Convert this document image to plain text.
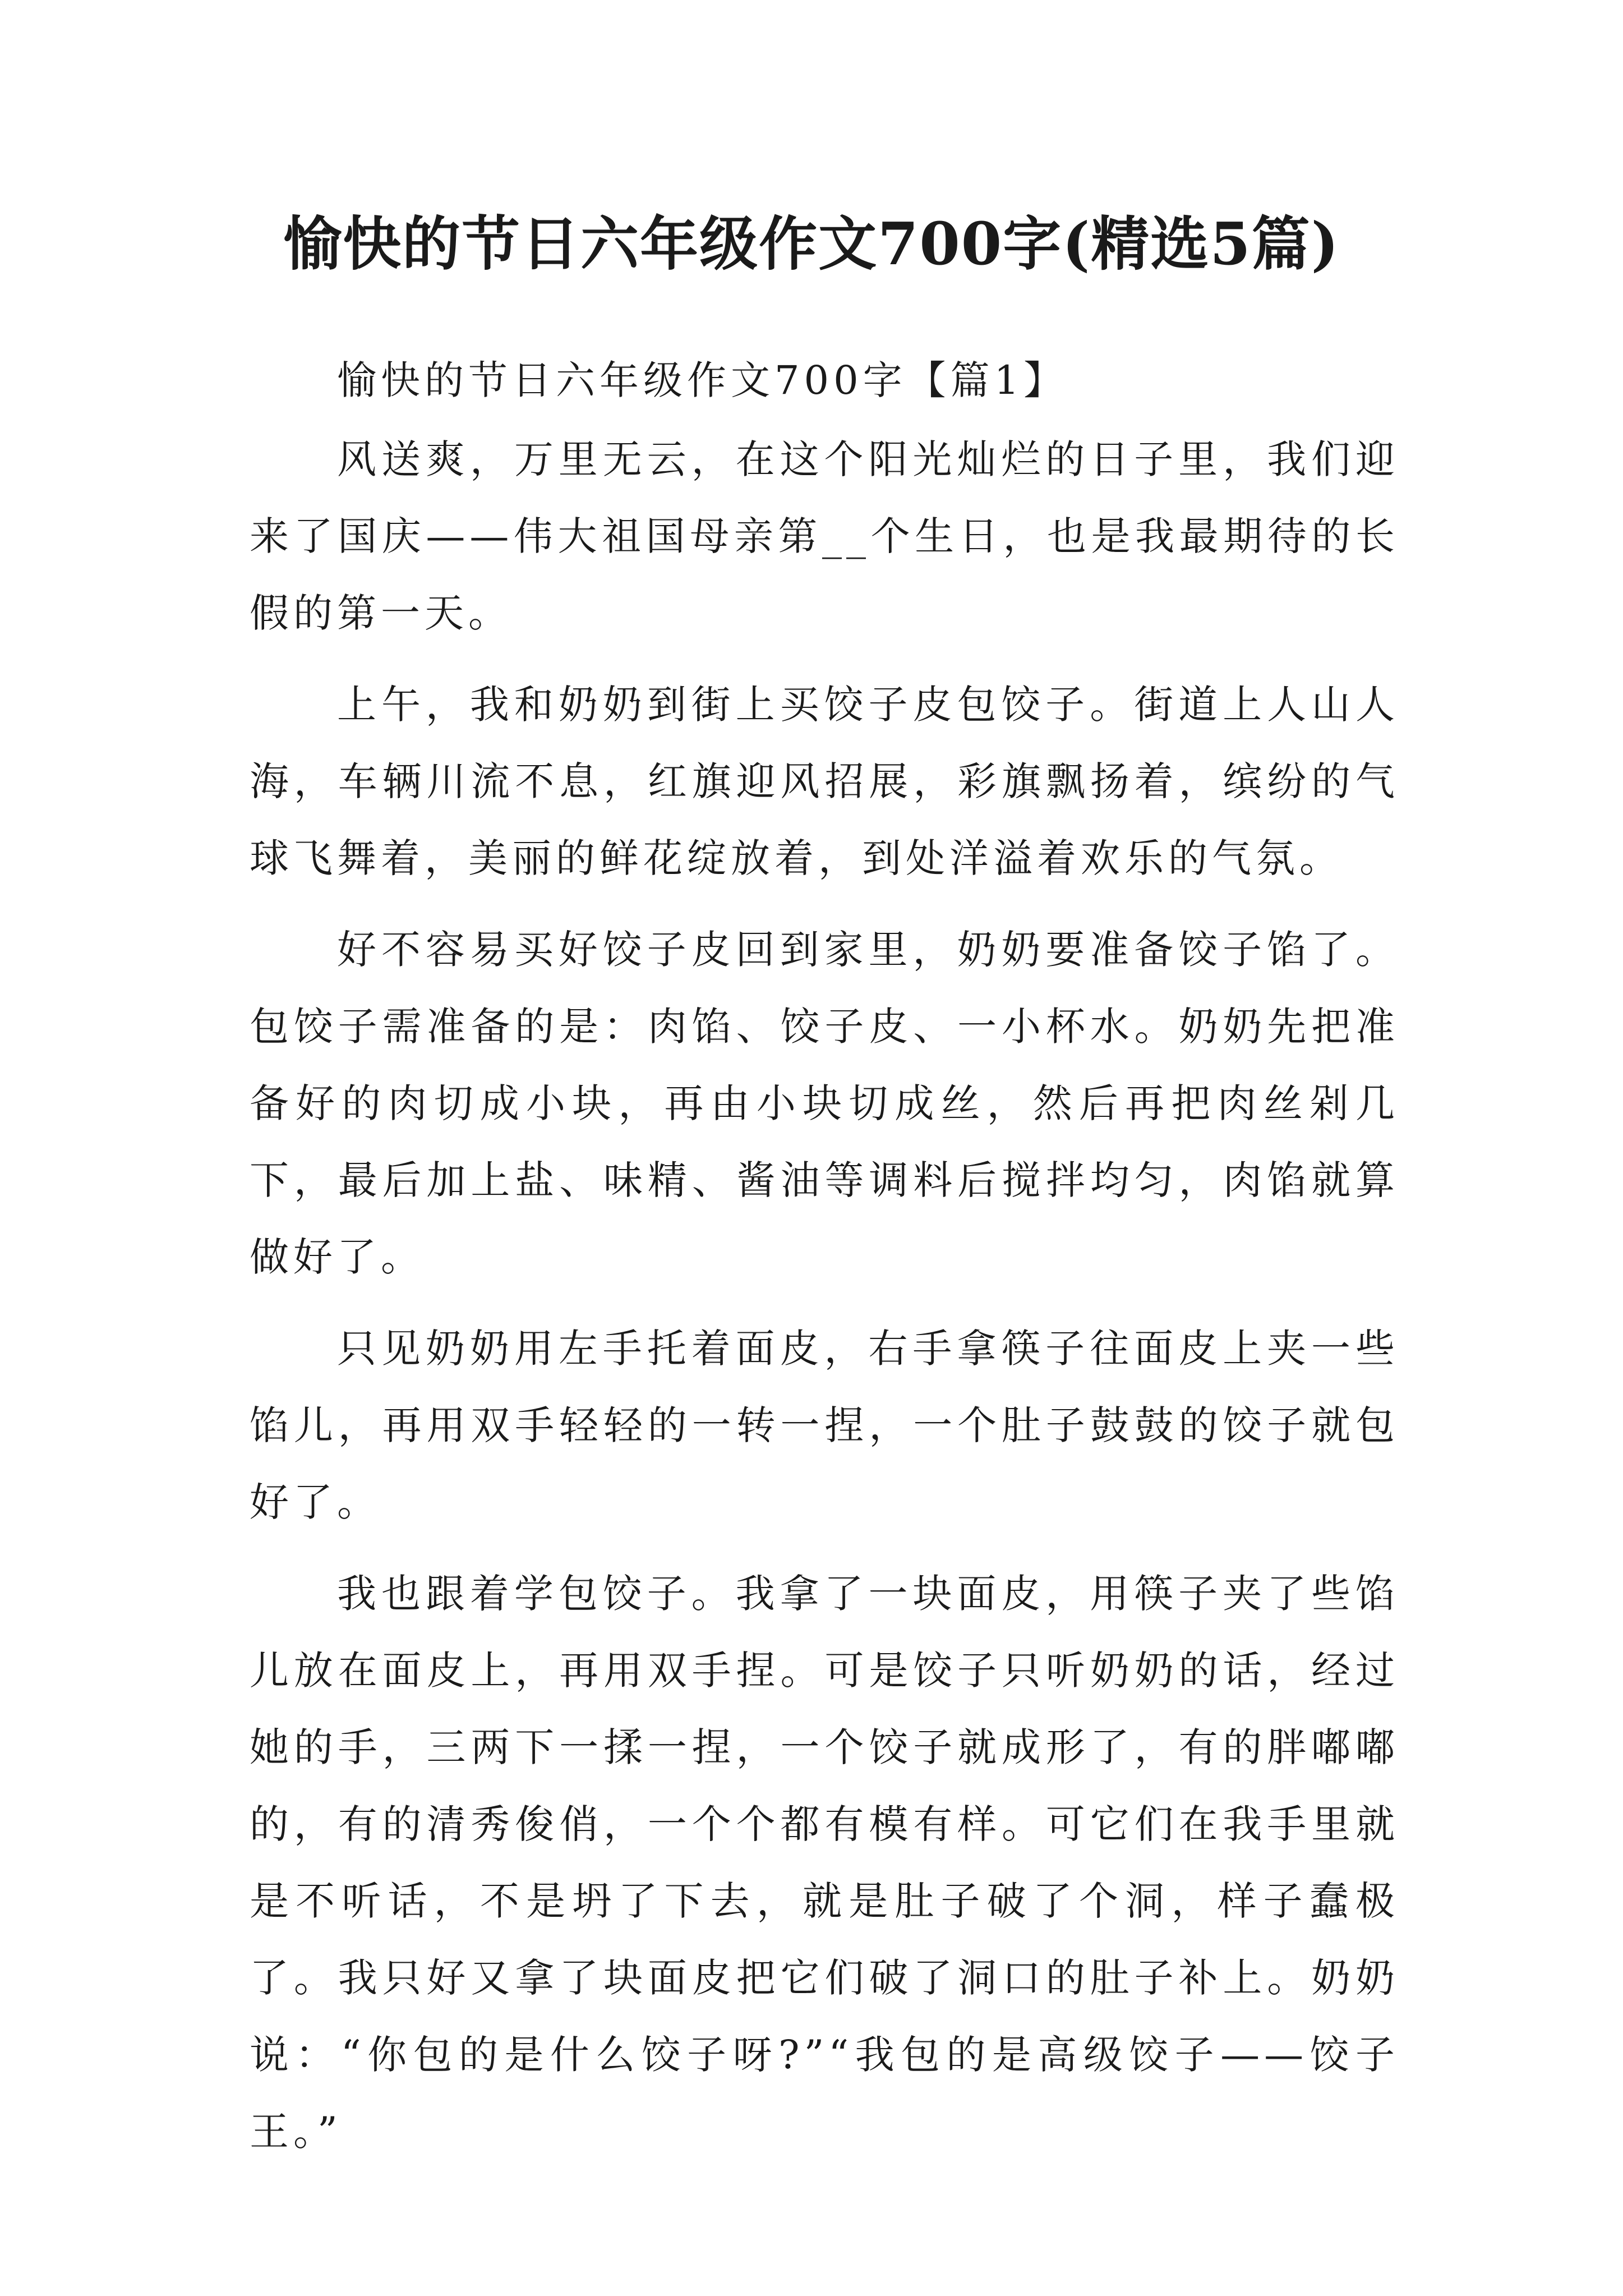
愉快的节日六年级作文700字(精选5篇)

愉快的节日六年级作文700字【篇1】

风送爽，万里无云，在这个阳光灿烂的日子里，我们迎来了国庆——伟大祖国母亲第__个生日，也是我最期待的长假的第一天。

上午，我和奶奶到街上买饺子皮包饺子。街道上人山人海，车辆川流不息，红旗迎风招展，彩旗飘扬着，缤纷的气球飞舞着，美丽的鲜花绽放着，到处洋溢着欢乐的气氛。

好不容易买好饺子皮回到家里，奶奶要准备饺子馅了。包饺子需准备的是：肉馅、饺子皮、一小杯水。奶奶先把准备好的肉切成小块，再由小块切成丝，然后再把肉丝剁几下，最后加上盐、味精、酱油等调料后搅拌均匀，肉馅就算做好了。

只见奶奶用左手托着面皮，右手拿筷子往面皮上夹一些馅儿，再用双手轻轻的一转一捏，一个肚子鼓鼓的饺子就包好了。

我也跟着学包饺子。我拿了一块面皮，用筷子夹了些馅儿放在面皮上，再用双手捏。可是饺子只听奶奶的话，经过她的手，三两下一揉一捏，一个饺子就成形了，有的胖嘟嘟的，有的清秀俊俏，一个个都有模有样。可它们在我手里就是不听话，不是坍了下去，就是肚子破了个洞，样子蠢极了。我只好又拿了块面皮把它们破了洞口的肚子补上。奶奶说：“你包的是什么饺子呀?”“我包的是高级饺子——饺子王。”
